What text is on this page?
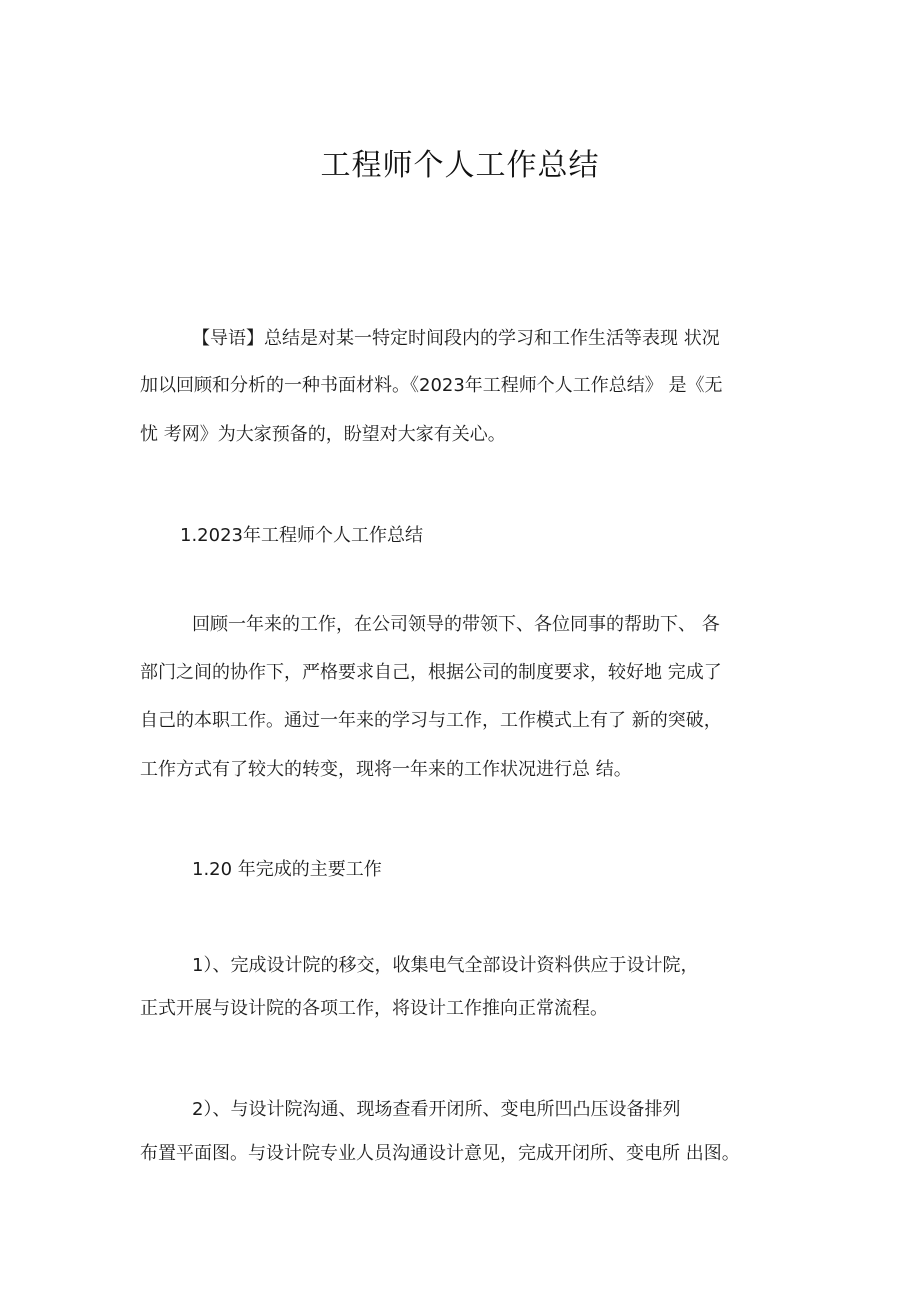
工程师个人工作总结
【导语】总结是对某一特定时间段内的学习和工作生活等表现 状况
加以回顾和分析的一种书面材料。《2023年工程师个人工作总结》 是《无
忧 考网》为大家预备的，盼望对大家有关心。
1.2023年工程师个人工作总结
回顾一年来的工作，在公司领导的带领下、各位同事的帮助下、 各
部门之间的协作下，严格要求自己，根据公司的制度要求，较好地 完成了
自己的本职工作。通过一年来的学习与工作，工作模式上有了 新的突破，
工作方式有了较大的转变，现将一年来的工作状况进行总 结。
1.20 年完成的主要工作
1）、完成设计院的移交，收集电气全部设计资料供应于设计院，
正式开展与设计院的各项工作，将设计工作推向正常流程。
2）、与设计院沟通、现场查看开闭所、变电所凹凸压设备排列
布置平面图。与设计院专业人员沟通设计意见，完成开闭所、变电所 出图。
